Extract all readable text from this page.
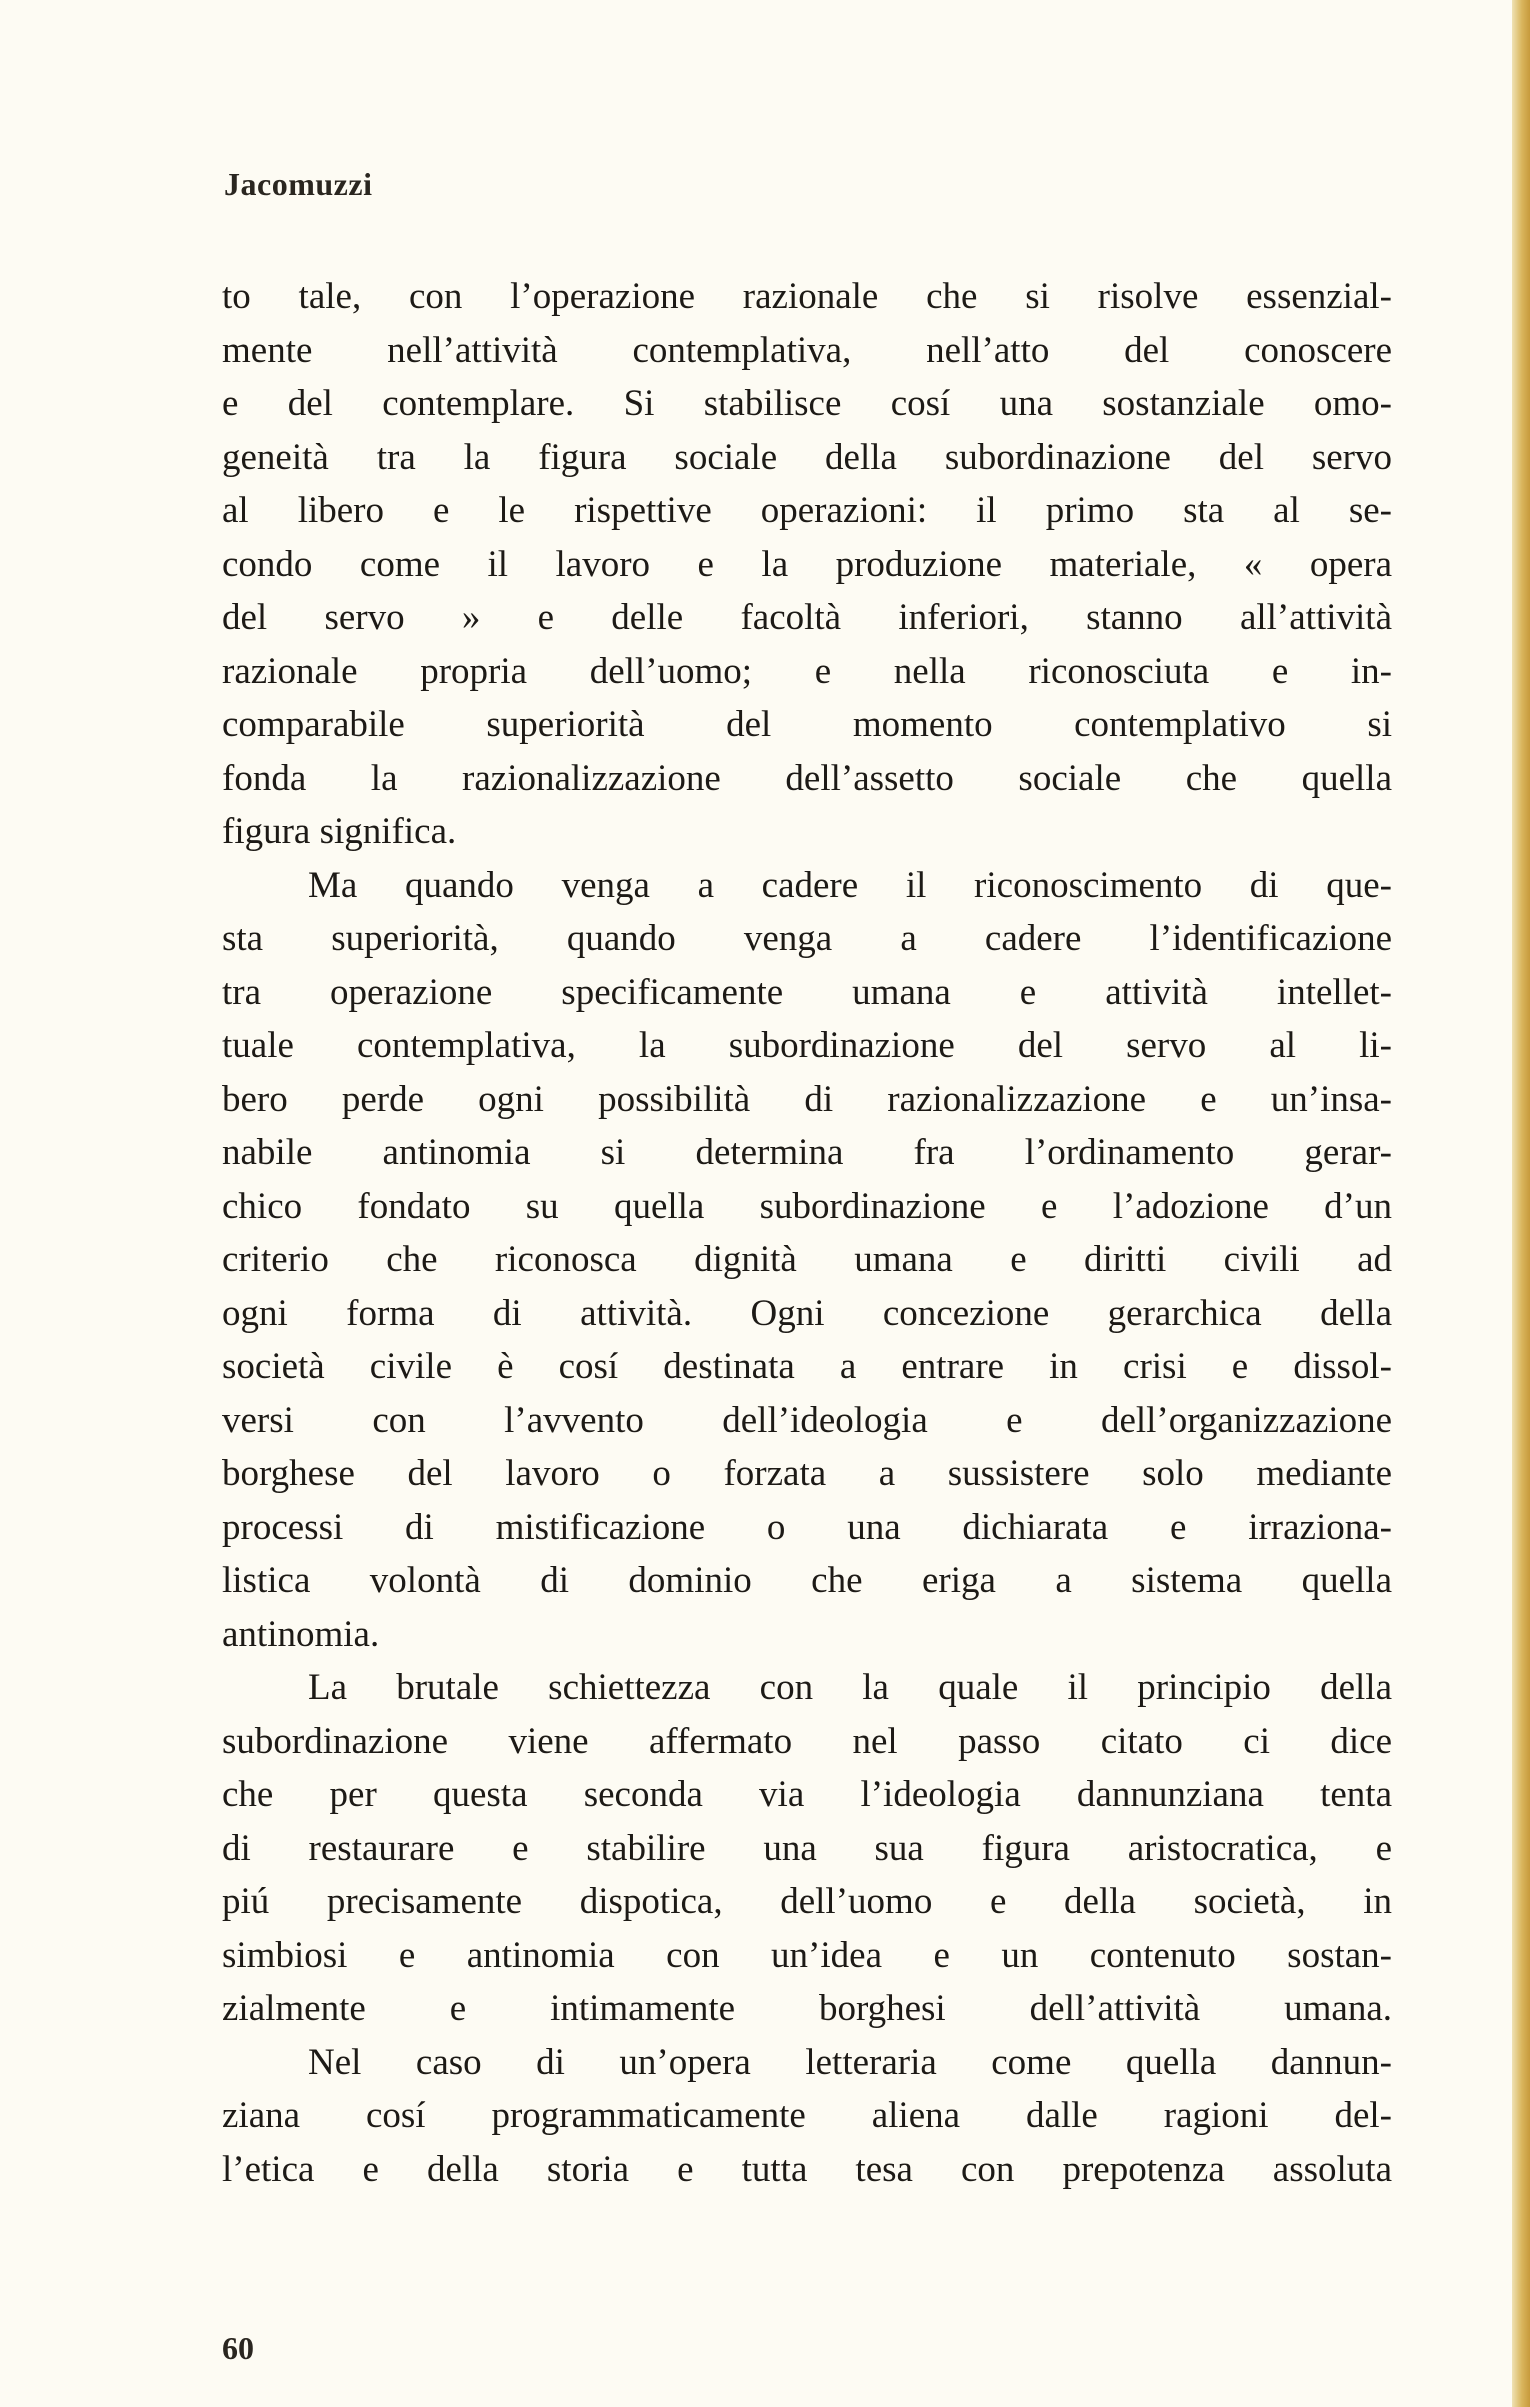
Jacomuzzi
to tale, con l’operazione razionale che si risolve essenzial-
mente nell’attività contemplativa, nell’atto del conoscere
e del contemplare. Si stabilisce cosí una sostanziale omo-
geneità tra la figura sociale della subordinazione del servo
al libero e le rispettive operazioni: il primo sta al se-
condo come il lavoro e la produzione materiale, « opera
del servo » e delle facoltà inferiori, stanno all’attività
razionale propria dell’uomo; e nella riconosciuta e in-
comparabile superiorità del momento contemplativo si
fonda la razionalizzazione dell’assetto sociale che quella
figura significa.
Ma quando venga a cadere il riconoscimento di que-
sta superiorità, quando venga a cadere l’identificazione
tra operazione specificamente umana e attività intellet-
tuale contemplativa, la subordinazione del servo al li-
bero perde ogni possibilità di razionalizzazione e un’insa-
nabile antinomia si determina fra l’ordinamento gerar-
chico fondato su quella subordinazione e l’adozione d’un
criterio che riconosca dignità umana e diritti civili ad
ogni forma di attività. Ogni concezione gerarchica della
società civile è cosí destinata a entrare in crisi e dissol-
versi con l’avvento dell’ideologia e dell’organizzazione
borghese del lavoro o forzata a sussistere solo mediante
processi di mistificazione o una dichiarata e irraziona-
listica volontà di dominio che eriga a sistema quella
antinomia.
La brutale schiettezza con la quale il principio della
subordinazione viene affermato nel passo citato ci dice
che per questa seconda via l’ideologia dannunziana tenta
di restaurare e stabilire una sua figura aristocratica, e
piú precisamente dispotica, dell’uomo e della società, in
simbiosi e antinomia con un’idea e un contenuto sostan-
zialmente e intimamente borghesi dell’attività umana.
Nel caso di un’opera letteraria come quella dannun-
ziana cosí programmaticamente aliena dalle ragioni del-
l’etica e della storia e tutta tesa con prepotenza assoluta
60
